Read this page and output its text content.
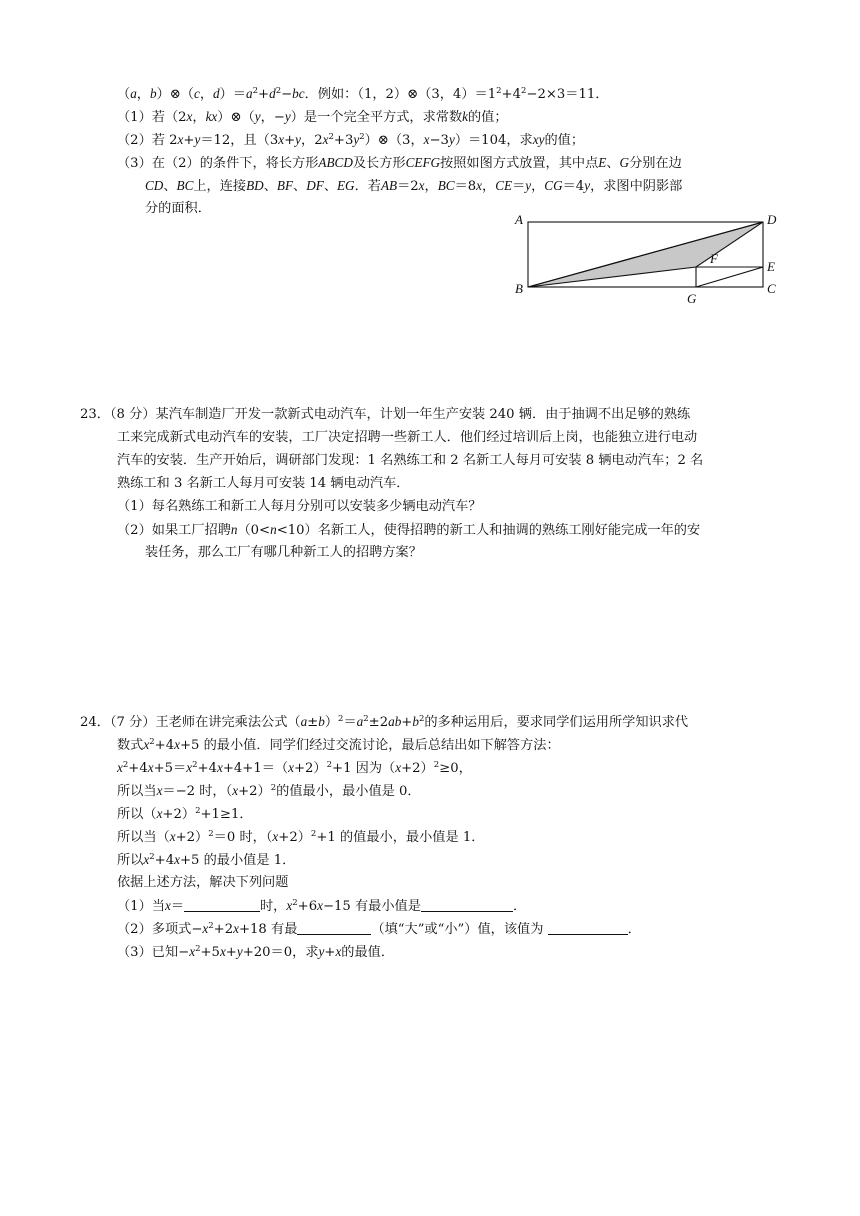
（a，b）⊗（c，$d)=a^2+d^2-bc$．例如：（1，2）⊗（3，$4)=1^2+4^2-2\times 3=11$．
（1）若（2x，kx）⊗（y，−y）是一个完全平方式，求常数k的值；
（2）若 2x+y＝12，且（3x+y，$2x^2+3y^2)\otimes(3$，x−3y）＝104，求xy的值；
（3）在（2）的条件下，将长方形ABCD及长方形CEFG按照如图方式放置，其中点E、G分别在边
CD、BC上，连接BD、BF、DF、EG．若AB＝2x，BC＝8x，CE＝y，CG＝4y，求图中阴影部
分的面积．
A	D
E
C
B
G
F
23．（8 分）某汽车制造厂开发一款新式电动汽车，计划一年生产安装 240 辆．由于抽调不出足够的熟练
工来完成新式电动汽车的安装，工厂决定招聘一些新工人．他们经过培训后上岗，也能独立进行电动
汽车的安装．生产开始后，调研部门发现：1 名熟练工和 2 名新工人每月可安装 8 辆电动汽车；2 名
熟练工和 3 名新工人每月可安装 14 辆电动汽车．
（1）每名熟练工和新工人每月分别可以安装多少辆电动汽车？
（2）如果工厂招聘n（0<n<10）名新工人，使得招聘的新工人和抽调的熟练工刚好能完成一年的安
装任务，那么工厂有哪几种新工人的招聘方案？
24．（7 分）王老师在讲完乘法公式$(a\pm b)^2=a^2\pm 2ab+b^2$的多种运用后，要求同学们运用所学知识求代
数式$x^2+4x+5$ 的最小值．同学们经过交流讨论，最后总结出如下解答方法：
$x^2+4x+5=x^2+4x+4+1=(x+2)^2+1$ 因为$(x+2)^2\ge 0$，
所以当x＝−2 时，$(x+2)^2$的值最小，最小值是 0．
所以$(x+2)^2+1\ge 1$．
所以当$(x+2)^2=0$ 时，$(x+2)^2+1$ 的值最小，最小值是 1．
所以$x^2+4x+5$ 的最小值是 1．
依据上述方法，解决下列问题
（1）当x＝	时，$x^2+6x-15$ 有最小值是	．
（2）多项式$-x^2+2x+18$ 有最	（填“大”或“小”）值，该值为	．
（3）已知$-x^2+5x+y+20=0$，求y+x的最值．
